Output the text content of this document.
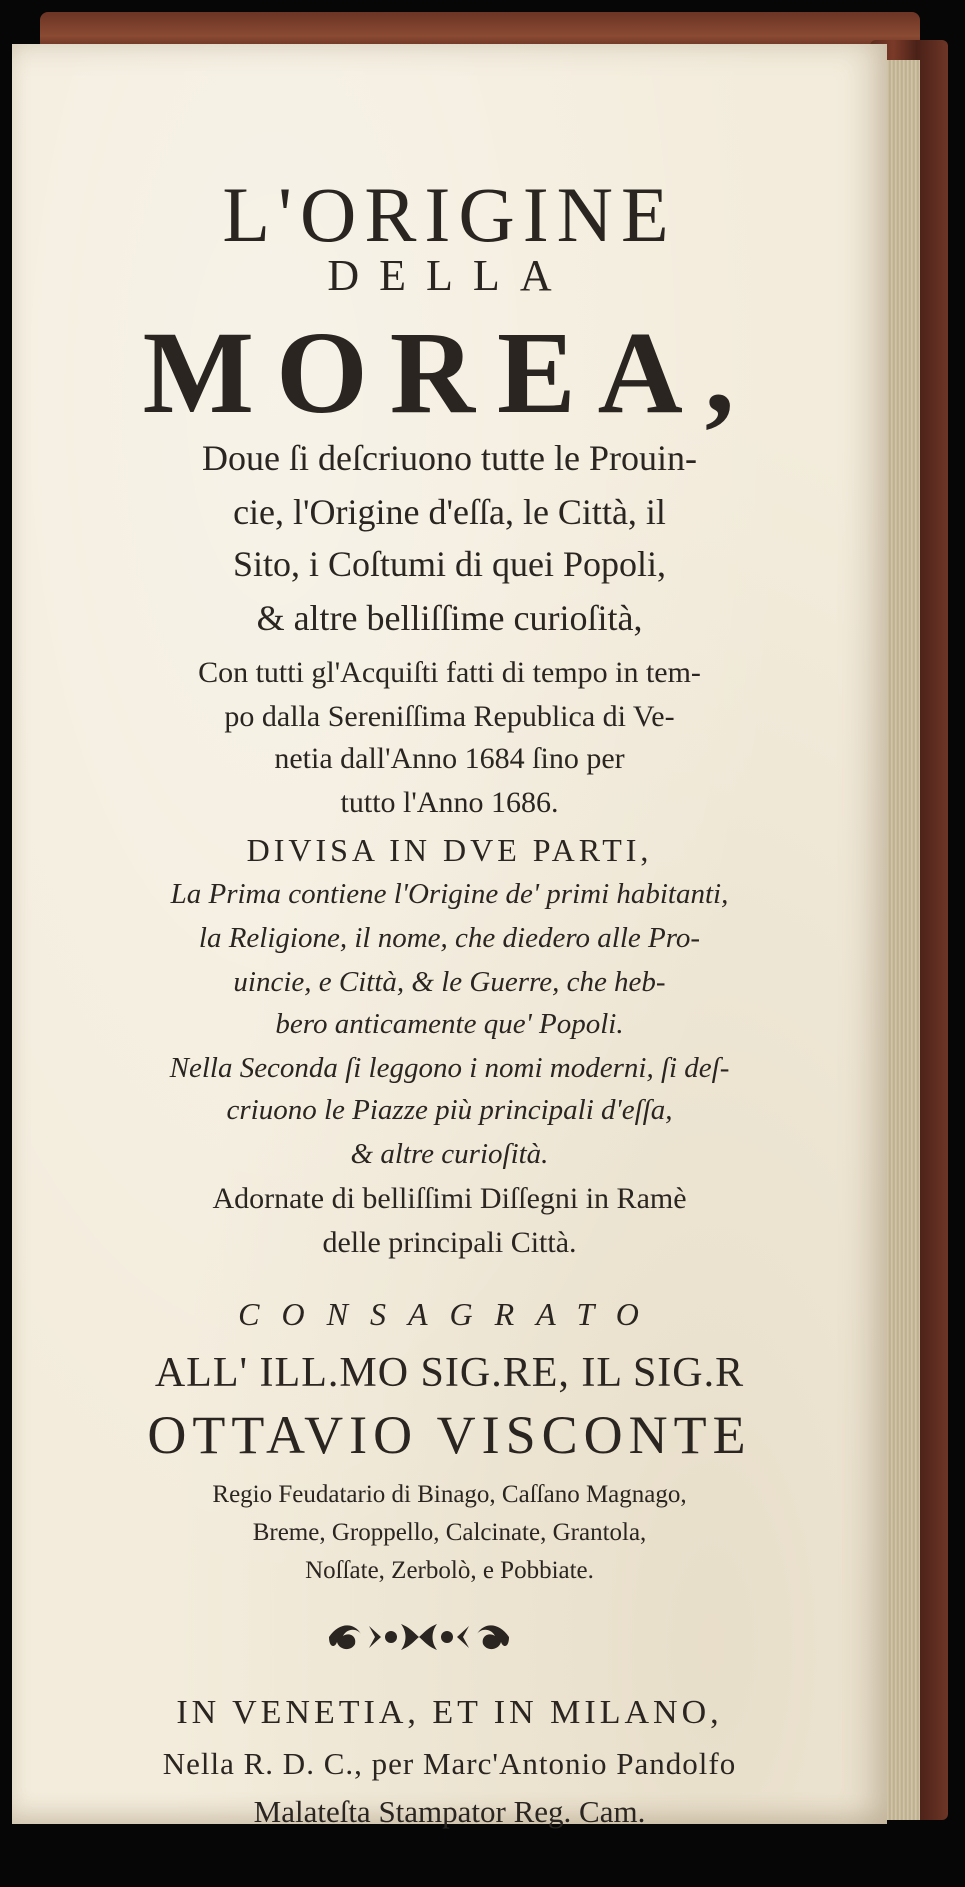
L'ORIGINE
DELLA
MOREA,
Doue ſi deſcriuono tutte le Prouin-
cie, l'Origine d'eſſa, le Città, il
Sito, i Coſtumi di quei Popoli,
& altre belliſſime curioſità,
Con tutti gl'Acquiſti fatti di tempo in tem-
po dalla Sereniſſima Republica di Ve-
netia dall'Anno 1684 ſino per
tutto l'Anno 1686.
DIVISA IN DVE PARTI,
La Prima contiene l'Origine de' primi habitanti,
la Religione, il nome, che diedero alle Pro-
uincie, e Città, & le Guerre, che heb-
bero anticamente que' Popoli.
Nella Seconda ſi leggono i nomi moderni, ſi deſ-
criuono le Piazze più principali d'eſſa,
& altre curioſità.
Adornate di belliſſimi Diſſegni in Ramè
delle principali Città.
CONSAGRATO
ALL' ILL.MO SIG.RE, IL SIG.R
OTTAVIO VISCONTE
Regio Feudatario di Binago, Caſſano Magnago,
Breme, Groppello, Calcinate, Grantola,
Noſſate, Zerbolò, e Pobbiate.
IN VENETIA, ET IN MILANO,
Nella R. D. C., per Marc'Antonio Pandolfo
Malateſta Stampator Reg. Cam.
